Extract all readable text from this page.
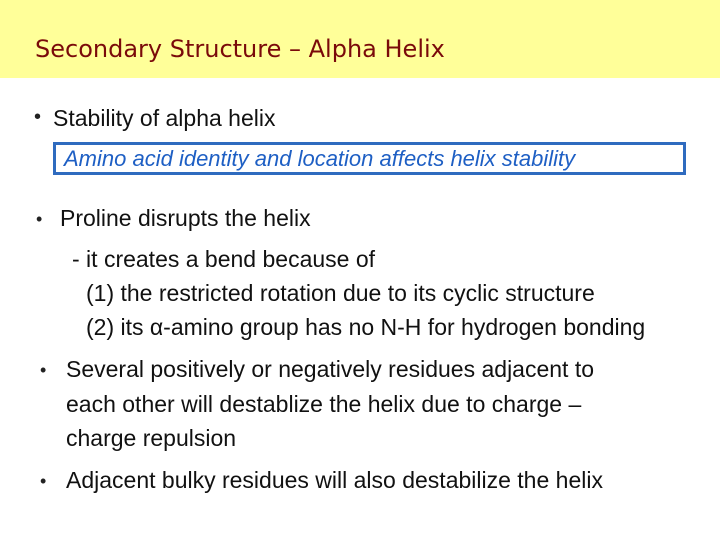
Secondary Structure – Alpha Helix
• Stability of alpha helix

Amino acid identity and location affects helix stability

• Proline disrupts the helix

- it creates a bend because of

(1) the restricted rotation due to its cyclic structure

(2) its α-amino group has no N-H for hydrogen bonding

• Several positively or negatively residues adjacent to

each other will destablize the helix due to charge –

charge repulsion

• Adjacent bulky residues will also destabilize the helix
